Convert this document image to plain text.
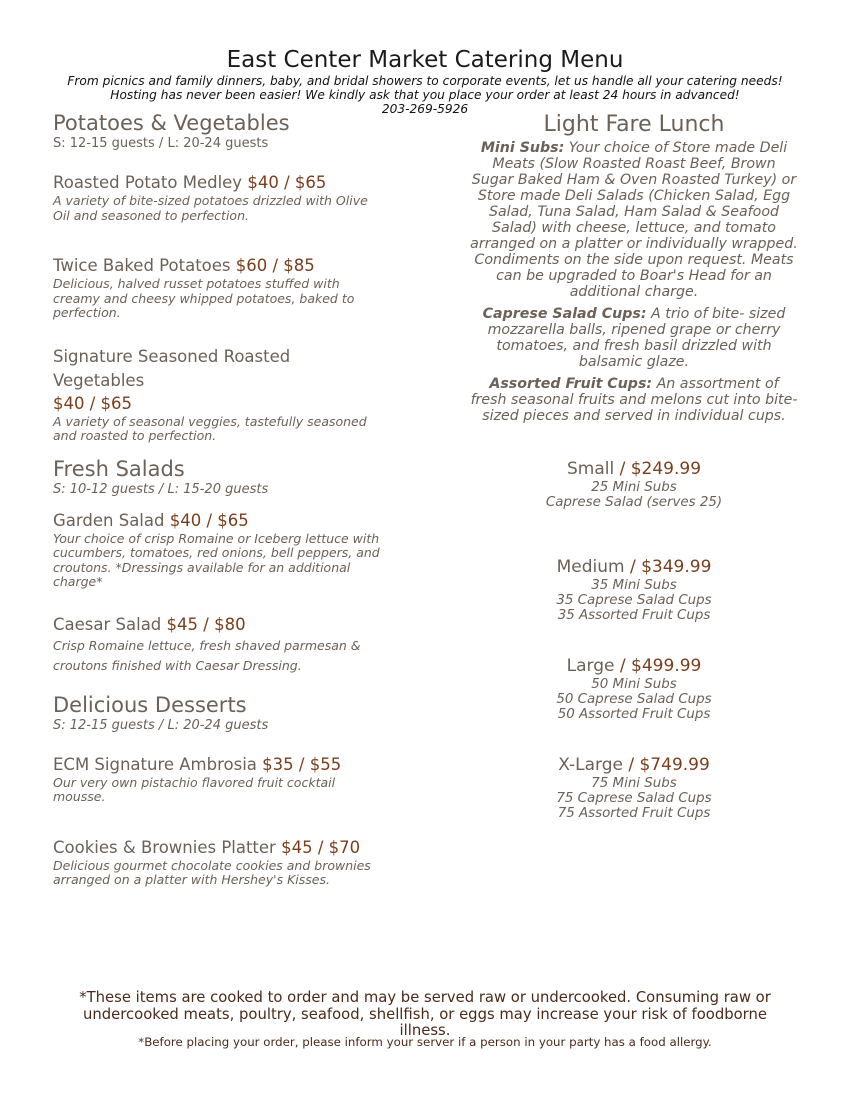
East Center Market Catering Menu
From picnics and family dinners, baby, and bridal showers to corporate events, let us handle all your catering needs!
Hosting has never been easier! We kindly ask that you place your order at least 24 hours in advanced!
203-269-5926
Potatoes & Vegetables
S: 12-15 guests / L: 20-24 guests
Roasted Potato Medley $40 / $65
A variety of bite-sized potatoes drizzled with Olive Oil and seasoned to perfection.
Twice Baked Potatoes $60 / $85
Delicious, halved russet potatoes stuffed with creamy and cheesy whipped potatoes, baked to perfection.
Signature Seasoned Roasted Vegetables
$40 / $65
A variety of seasonal veggies, tastefully seasoned and roasted to perfection.
Fresh Salads
S: 10-12 guests / L: 15-20 guests
Garden Salad $40 / $65
Your choice of crisp Romaine or Iceberg lettuce with cucumbers, tomatoes, red onions, bell peppers, and croutons. *Dressings available for an additional charge*
Caesar Salad $45 / $80
Crisp Romaine lettuce, fresh shaved parmesan & croutons finished with Caesar Dressing.
Delicious Desserts
S: 12-15 guests / L: 20-24 guests
ECM Signature Ambrosia $35 / $55
Our very own pistachio flavored fruit cocktail mousse.
Cookies & Brownies Platter $45 / $70
Delicious gourmet chocolate cookies and brownies arranged on a platter with Hershey's Kisses.
Light Fare Lunch
Mini Subs: Your choice of Store made Deli Meats (Slow Roasted Roast Beef, Brown Sugar Baked Ham & Oven Roasted Turkey) or Store made Deli Salads (Chicken Salad, Egg Salad, Tuna Salad, Ham Salad & Seafood Salad) with cheese, lettuce, and tomato arranged on a platter or individually wrapped. Condiments on the side upon request. Meats can be upgraded to Boar's Head for an additional charge.
Caprese Salad Cups: A trio of bite- sized mozzarella balls, ripened grape or cherry tomatoes, and fresh basil drizzled with balsamic glaze.
Assorted Fruit Cups: An assortment of fresh seasonal fruits and melons cut into bite- sized pieces and served in individual cups.
Small / $249.99
25 Mini Subs
Caprese Salad (serves 25)
Medium / $349.99
35 Mini Subs
35 Caprese Salad Cups
35 Assorted Fruit Cups
Large / $499.99
50 Mini Subs
50 Caprese Salad Cups
50 Assorted Fruit Cups
X-Large / $749.99
75 Mini Subs
75 Caprese Salad Cups
75 Assorted Fruit Cups
*These items are cooked to order and may be served raw or undercooked. Consuming raw or undercooked meats, poultry, seafood, shellfish, or eggs may increase your risk of foodborne illness.
*Before placing your order, please inform your server if a person in your party has a food allergy.
